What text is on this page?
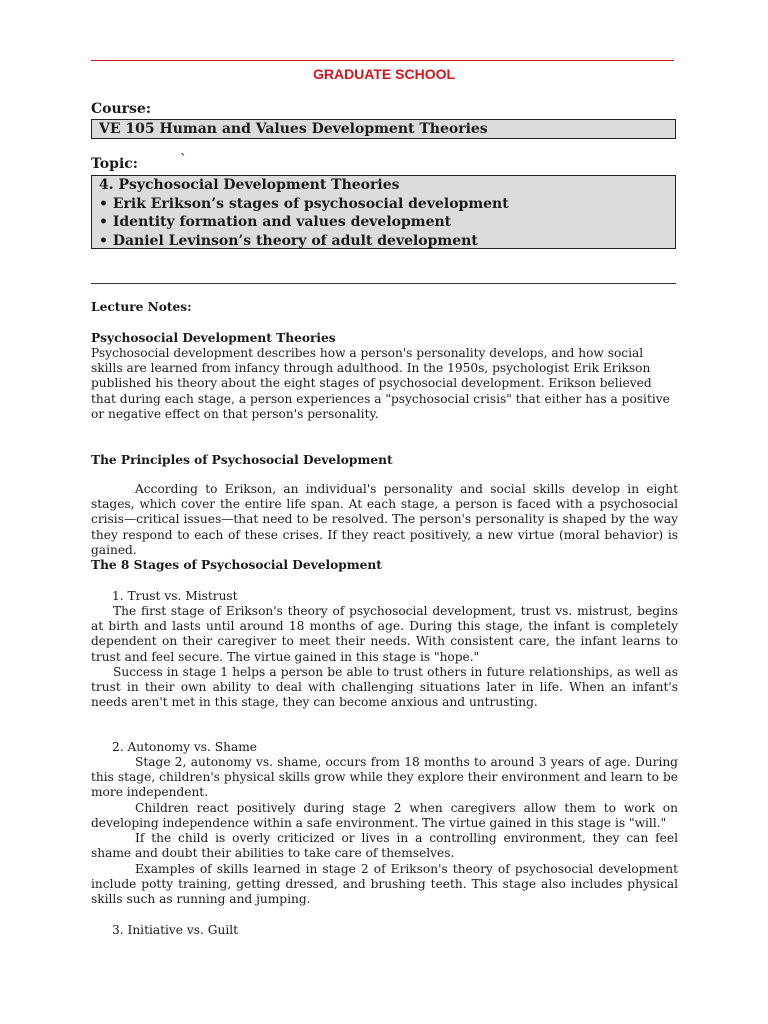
GRADUATE SCHOOL
Course:
VE 105 Human and Values Development Theories
Topic:	`
4. Psychosocial Development Theories
• Erik Erikson’s stages of psychosocial development
• Identity formation and values development
• Daniel Levinson’s theory of adult development

Lecture Notes:

Psychosocial Development Theories

Psychosocial development describes how a person's personality develops, and how social skills are learned from infancy through adulthood. In the 1950s, psychologist Erik Erikson published his theory about the eight stages of psychosocial development. Erikson believed that during each stage, a person experiences a "psychosocial crisis" that either has a positive or negative effect on that person's personality.

The Principles of Psychosocial Development

According to Erikson, an individual's personality and social skills develop in eight stages, which cover the entire life span. At each stage, a person is faced with a psychosocial crisis—critical issues—that need to be resolved. The person's personality is shaped by the way they respond to each of these crises. If they react positively, a new virtue (moral behavior) is gained.

The 8 Stages of Psychosocial Development

1. Trust vs. Mistrust

The first stage of Erikson's theory of psychosocial development, trust vs. mistrust, begins at birth and lasts until around 18 months of age. During this stage, the infant is completely dependent on their caregiver to meet their needs. With consistent care, the infant learns to trust and feel secure. The virtue gained in this stage is "hope."

Success in stage 1 helps a person be able to trust others in future relationships, as well as trust in their own ability to deal with challenging situations later in life. When an infant's needs aren't met in this stage, they can become anxious and untrusting.

2. Autonomy vs. Shame

Stage 2, autonomy vs. shame, occurs from 18 months to around 3 years of age. During this stage, children's physical skills grow while they explore their environment and learn to be more independent.

Children react positively during stage 2 when caregivers allow them to work on developing independence within a safe environment. The virtue gained in this stage is "will."

If the child is overly criticized or lives in a controlling environment, they can feel shame and doubt their abilities to take care of themselves.

Examples of skills learned in stage 2 of Erikson's theory of psychosocial development include potty training, getting dressed, and brushing teeth. This stage also includes physical skills such as running and jumping.

3. Initiative vs. Guilt
